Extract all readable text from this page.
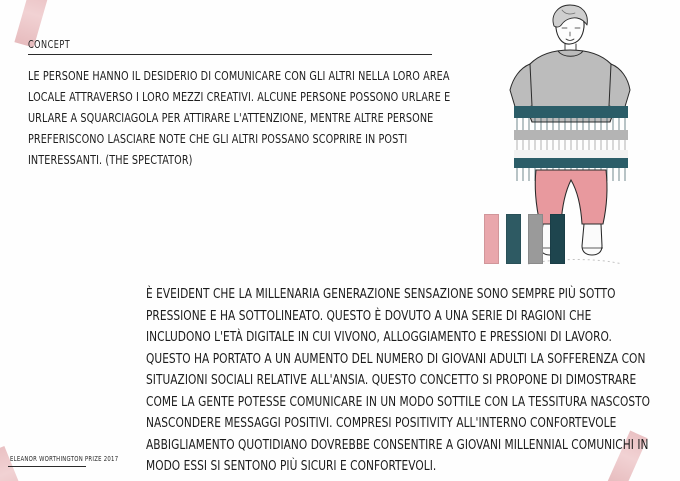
CONCEPT
LE PERSONE HANNO IL DESIDERIO DI COMUNICARE CON GLI ALTRI NELLA LORO AREA LOCALE ATTRAVERSO I LORO MEZZI CREATIVI. ALCUNE PERSONE POSSONO URLARE E URLARE A SQUARCIAGOLA PER ATTIRARE L'ATTENZIONE, MENTRE ALTRE PERSONE PREFERISCONO LASCIARE NOTE CHE GLI ALTRI POSSANO SCOPRIRE IN POSTI INTERESSANTI. (THE SPECTATOR)
È EVEIDENT CHE LA MILLENARIA GENERAZIONE SENSAZIONE SONO SEMPRE PIÙ SOTTO PRESSIONE E HA SOTTOLINEATO. QUESTO È DOVUTO A UNA SERIE DI RAGIONI CHE INCLUDONO L'ETÀ DIGITALE IN CUI VIVONO, ALLOGGIAMENTO E PRESSIONI DI LAVORO. QUESTO HA PORTATO A UN AUMENTO DEL NUMERO DI GIOVANI ADULTI LA SOFFERENZA CON SITUAZIONI SOCIALI RELATIVE ALL'ANSIA. QUESTO CONCETTO SI PROPONE DI DIMOSTRARE COME LA GENTE POTESSE COMUNICARE IN UN MODO SOTTILE CON LA TESSITURA NASCOSTO NASCONDERE MESSAGGI POSITIVI. COMPRESI POSITIVITY ALL'INTERNO CONFORTEVOLE ABBIGLIAMENTO QUOTIDIANO DOVREBBE CONSENTIRE A GIOVANI MILLENNIAL COMUNICHI IN MODO ESSI SI SENTONO PIÙ SICURI E CONFORTEVOLI.
ELEANOR WORTHINGTON PRIZE 2017
